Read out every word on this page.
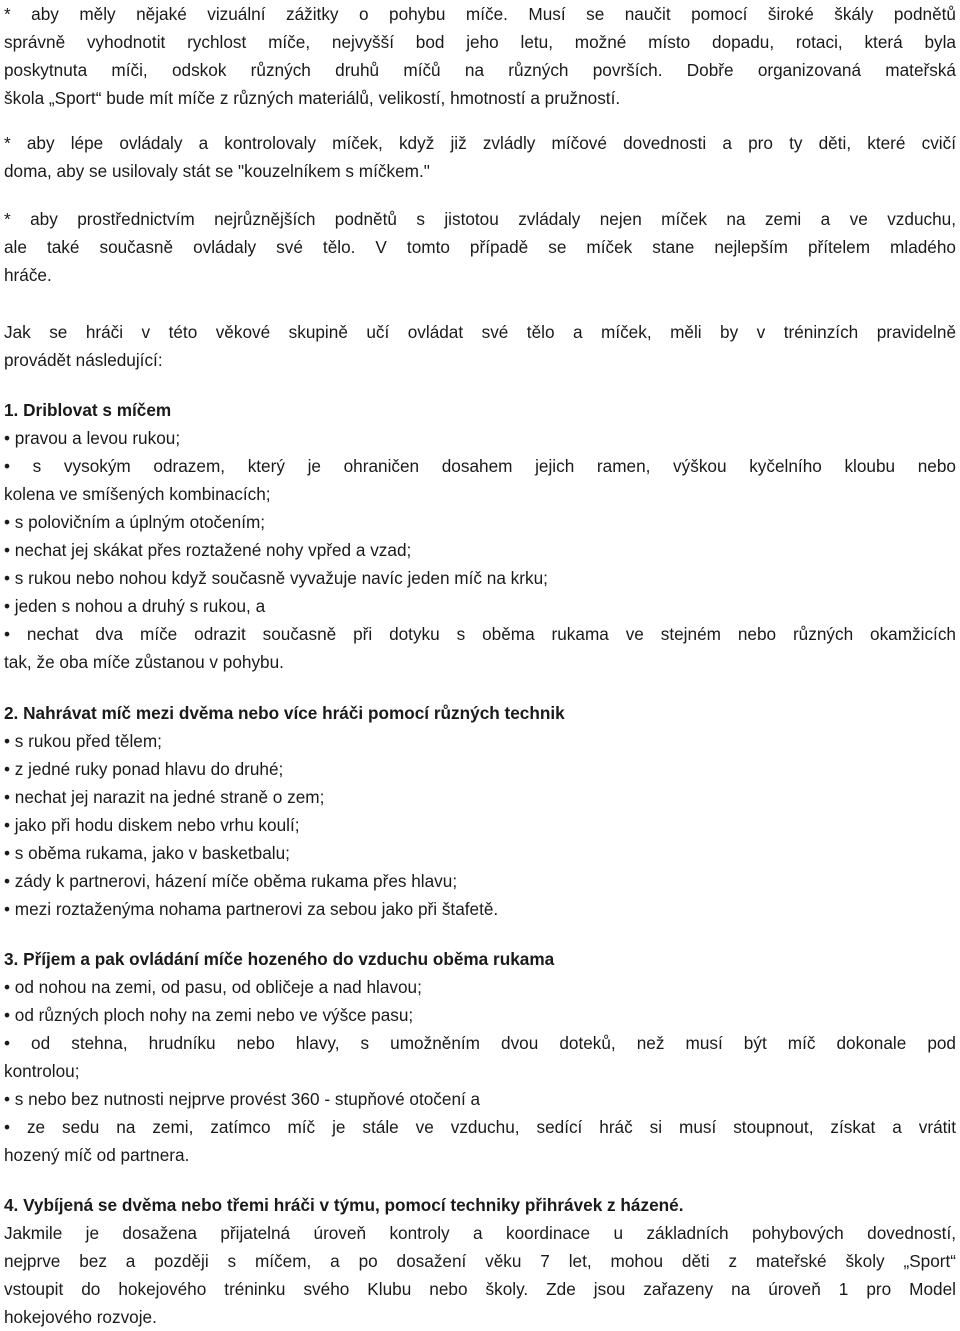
* aby měly nějaké vizuální zážitky o pohybu míče. Musí se naučit pomocí široké škály podnětů
správně vyhodnotit rychlost míče, nejvyšší bod jeho letu, možné místo dopadu, rotaci, která byla
poskytnuta míči, odskok různých druhů míčů na různých površích. Dobře organizovaná mateřská
škola „Sport“ bude mít míče z různých materiálů, velikostí, hmotností a pružností.
* aby lépe ovládaly a kontrolovaly míček, když již zvládly míčové dovednosti a pro ty děti, které cvičí
doma, aby se usilovaly stát se "kouzelníkem s míčkem."
* aby prostřednictvím nejrůznějších podnětů s jistotou zvládaly nejen míček na zemi a ve vzduchu,
ale také současně ovládaly své tělo. V tomto případě se míček stane nejlepším přítelem mladého
hráče.
Jak se hráči v této věkové skupině učí ovládat své tělo a míček, měli by v tréninzích pravidelně
provádět následující:
1. Driblovat s míčem
• pravou a levou rukou;
• s vysokým odrazem, který je ohraničen dosahem jejich ramen, výškou kyčelního kloubu nebo
kolena ve smíšených kombinacích;
• s polovičním a úplným otočením;
• nechat jej skákat přes roztažené nohy vpřed a vzad;
• s rukou nebo nohou když současně vyvažuje navíc jeden míč na krku;
• jeden s nohou a druhý s rukou, a
• nechat dva míče odrazit současně při dotyku s oběma rukama ve stejném nebo různých okamžicích
tak, že oba míče zůstanou v pohybu.
2. Nahrávat míč mezi dvěma nebo více hráči pomocí různých technik
• s rukou před tělem;
• z jedné ruky ponad hlavu do druhé;
• nechat jej narazit na jedné straně o zem;
• jako při hodu diskem nebo vrhu koulí;
• s oběma rukama, jako v basketbalu;
• zády k partnerovi, házení míče oběma rukama přes hlavu;
• mezi roztaženýma nohama partnerovi za sebou jako při štafetě.
3. Příjem a pak ovládání míče hozeného do vzduchu oběma rukama
• od nohou na zemi, od pasu, od obličeje a nad hlavou;
• od různých ploch nohy na zemi nebo ve výšce pasu;
• od stehna, hrudníku nebo hlavy, s umožněním dvou doteků, než musí být míč dokonale pod
kontrolou;
• s nebo bez nutnosti nejprve provést 360 - stupňové otočení a
• ze sedu na zemi, zatímco míč je stále ve vzduchu, sedící hráč si musí stoupnout, získat a vrátit
hozený míč od partnera.
4. Vybíjená se dvěma nebo třemi hráči v týmu, pomocí techniky přihrávek z házené.
Jakmile je dosažena přijatelná úroveň kontroly a koordinace u základních pohybových dovedností,
nejprve bez a později s míčem, a po dosažení věku 7 let, mohou děti z mateřské školy „Sport“
vstoupit do hokejového tréninku svého Klubu nebo školy. Zde jsou zařazeny na úroveň 1 pro Model
hokejového rozvoje.
